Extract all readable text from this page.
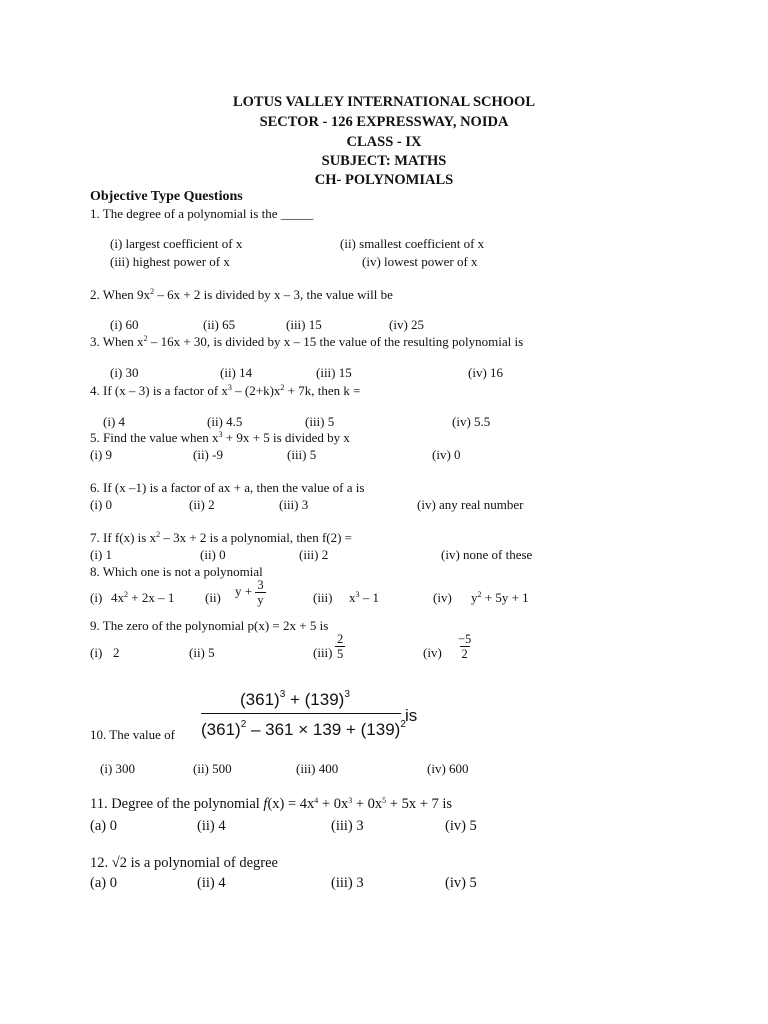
LOTUS VALLEY INTERNATIONAL SCHOOL
SECTOR - 126 EXPRESSWAY, NOIDA
CLASS - IX
SUBJECT: MATHS
CH- POLYNOMIALS
Objective Type Questions
1. The degree of a polynomial is the _____
(i) largest coefficient of x	(ii) smallest coefficient of x
(iii) highest power of x	(iv) lowest power of x
2. When $9x^2 - 6x + 2$ is divided by x – 3, the value will be
(i) 60	(ii) 65	(iii) 15	(iv) 25
3. When $x^2 - 16x + 30$, is divided by x – 15 the value of the resulting polynomial is
(i) 30	(ii) 14	(iii) 15	(iv) 16
4. If (x – 3) is a factor of $x^3 - (2+k)x^2 + 7k$, then k =
(i) 4	(ii) 4.5	(iii) 5	(iv) 5.5
5. Find the value when $x^3 + 9x + 5$ is divided by x
(i) 9	(ii) -9	(iii) 5	(iv) 0
6. If (x –1) is a factor of ax + a, then the value of a is
(i) 0	(ii) 2	(iii) 3	(iv) any real number
7. If f(x) is $x^2 - 3x + 2$ is a polynomial, then f(2) =
(i) 1	(ii) 0	(iii) 2	(iv) none of these
8. Which one is not a polynomial
(i) $4x^2 + 2x - 1$ (ii) $y + \frac{3}{y}$	(iii) $x^3 - 1$	(iv) $y^2 + 5y + 1$
9. The zero of the polynomial p(x) = 2x + 5 is
(i) 2	(ii) 5	$(iii) \frac{2}{5}$	$(iv) \frac{-5}{2}$
10. The value of
$(361)^3 + (139)^3$
$(361)^2 - 361 \times 139 + (139)^2$ is
(i) 300	(ii) 500	(iii) 400	(iv) 600
11. Degree of the polynomial $f(x) = 4x^4 + 0x^3 + 0x^5 + 5x + 7$ is
(a) 0	(ii) 4	(iii) 3	(iv) 5
12. √2 is a polynomial of degree
(a) 0	(ii) 4	(iii) 3	(iv) 5
